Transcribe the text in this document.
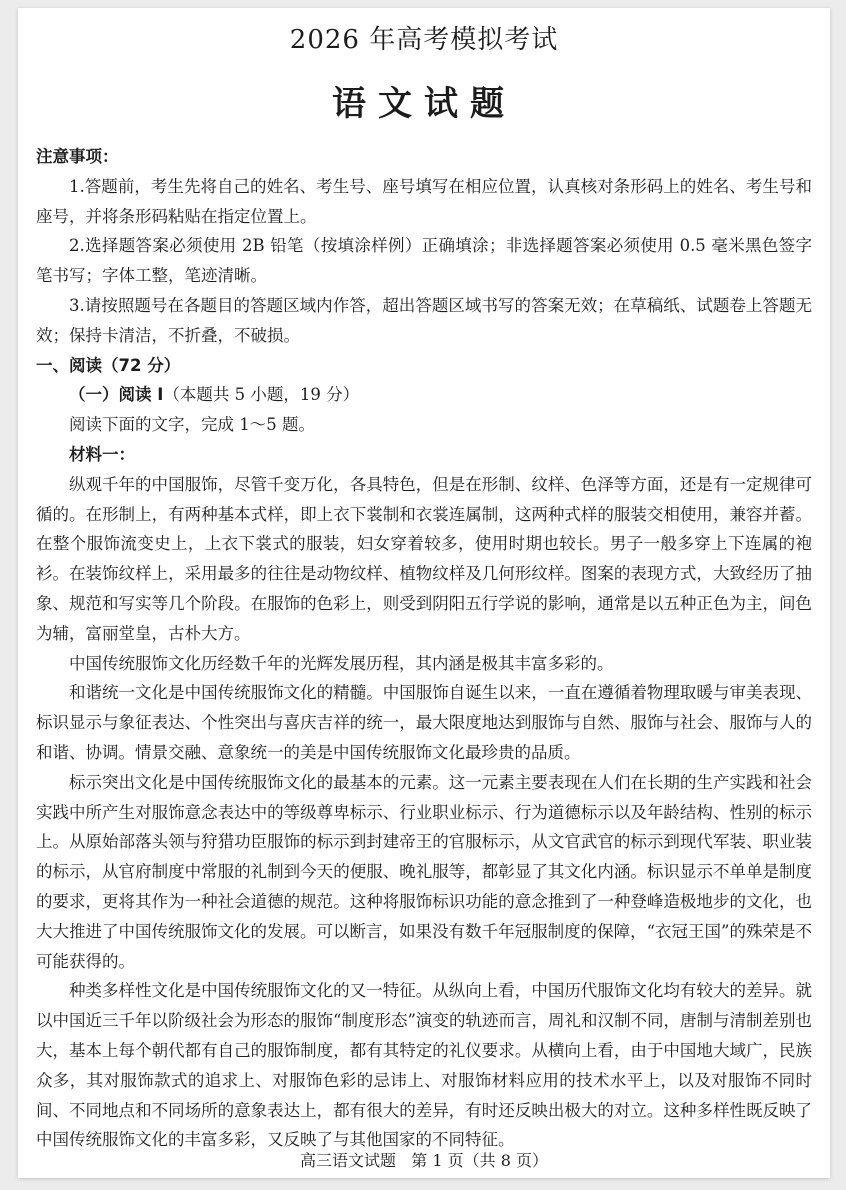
2026 年高考模拟考试
语文试题

注意事项：

1.答题前，考生先将自己的姓名、考生号、座号填写在相应位置，认真核对条形码上的姓名、考生号和座号，并将条形码粘贴在指定位置上。

2.选择题答案必须使用 2B 铅笔（按填涂样例）正确填涂；非选择题答案必须使用 0.5 毫米黑色签字笔书写；字体工整，笔迹清晰。

3.请按照题号在各题目的答题区域内作答，超出答题区域书写的答案无效；在草稿纸、试题卷上答题无效；保持卡清洁，不折叠，不破损。

一、阅读（72 分）

（一）阅读 Ⅰ（本题共 5 小题，19 分）

阅读下面的文字，完成 1～5 题。

材料一：

纵观千年的中国服饰，尽管千变万化，各具特色，但是在形制、纹样、色泽等方面，还是有一定规律可循的。在形制上，有两种基本式样，即上衣下裳制和衣裳连属制，这两种式样的服装交相使用，兼容并蓄。在整个服饰流变史上，上衣下裳式的服装，妇女穿着较多，使用时期也较长。男子一般多穿上下连属的袍衫。在装饰纹样上，采用最多的往往是动物纹样、植物纹样及几何形纹样。图案的表现方式，大致经历了抽象、规范和写实等几个阶段。在服饰的色彩上，则受到阴阳五行学说的影响，通常是以五种正色为主，间色为辅，富丽堂皇，古朴大方。

中国传统服饰文化历经数千年的光辉发展历程，其内涵是极其丰富多彩的。

和谐统一文化是中国传统服饰文化的精髓。中国服饰自诞生以来，一直在遵循着物理取暖与审美表现、标识显示与象征表达、个性突出与喜庆吉祥的统一，最大限度地达到服饰与自然、服饰与社会、服饰与人的和谐、协调。情景交融、意象统一的美是中国传统服饰文化最珍贵的品质。

标示突出文化是中国传统服饰文化的最基本的元素。这一元素主要表现在人们在长期的生产实践和社会实践中所产生对服饰意念表达中的等级尊卑标示、行业职业标示、行为道德标示以及年龄结构、性别的标示上。从原始部落头领与狩猎功臣服饰的标示到封建帝王的官服标示，从文官武官的标示到现代军装、职业装的标示，从官府制度中常服的礼制到今天的便服、晚礼服等，都彰显了其文化内涵。标识显示不单单是制度的要求，更将其作为一种社会道德的规范。这种将服饰标识功能的意念推到了一种登峰造极地步的文化，也大大推进了中国传统服饰文化的发展。可以断言，如果没有数千年冠服制度的保障，“衣冠王国”的殊荣是不可能获得的。

种类多样性文化是中国传统服饰文化的又一特征。从纵向上看，中国历代服饰文化均有较大的差异。就以中国近三千年以阶级社会为形态的服饰“制度形态”演变的轨迹而言，周礼和汉制不同，唐制与清制差别也大，基本上每个朝代都有自己的服饰制度，都有其特定的礼仪要求。从横向上看，由于中国地大域广，民族众多，其对服饰款式的追求上、对服饰色彩的忌讳上、对服饰材料应用的技术水平上，以及对服饰不同时间、不同地点和不同场所的意象表达上，都有很大的差异，有时还反映出极大的对立。这种多样性既反映了中国传统服饰文化的丰富多彩，又反映了与其他国家的不同特征。

高三语文试题 第 1 页（共 8 页）
